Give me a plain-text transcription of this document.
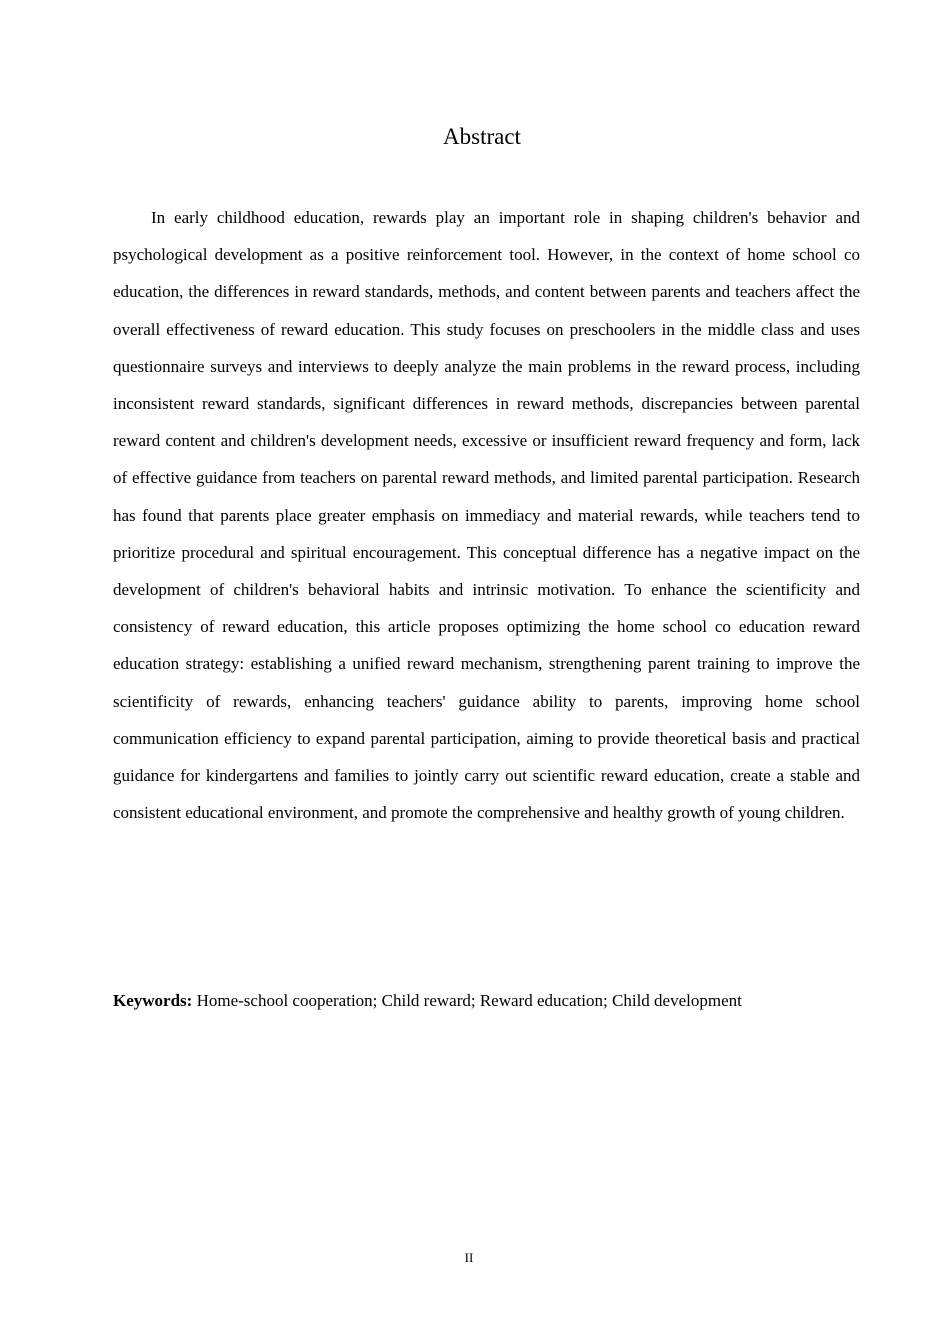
Abstract

In early childhood education, rewards play an important role in shaping children's behavior and psychological development as a positive reinforcement tool. However, in the context of home school co education, the differences in reward standards, methods, and content between parents and teachers affect the overall effectiveness of reward education. This study focuses on preschoolers in the middle class and uses questionnaire surveys and interviews to deeply analyze the main problems in the reward process, including inconsistent reward standards, significant differences in reward methods, discrepancies between parental reward content and children's development needs, excessive or insufficient reward frequency and form, lack of effective guidance from teachers on parental reward methods, and limited parental participation. Research has found that parents place greater emphasis on immediacy and material rewards, while teachers tend to prioritize procedural and spiritual encouragement. This conceptual difference has a negative impact on the development of children's behavioral habits and intrinsic motivation. To enhance the scientificity and consistency of reward education, this article proposes optimizing the home school co education reward education strategy: establishing a unified reward mechanism, strengthening parent training to improve the scientificity of rewards, enhancing teachers' guidance ability to parents, improving home school communication efficiency to expand parental participation, aiming to provide theoretical basis and practical guidance for kindergartens and families to jointly carry out scientific reward education, create a stable and consistent educational environment, and promote the comprehensive and healthy growth of young children.

Keywords: Home-school cooperation; Child reward; Reward education; Child development

II
